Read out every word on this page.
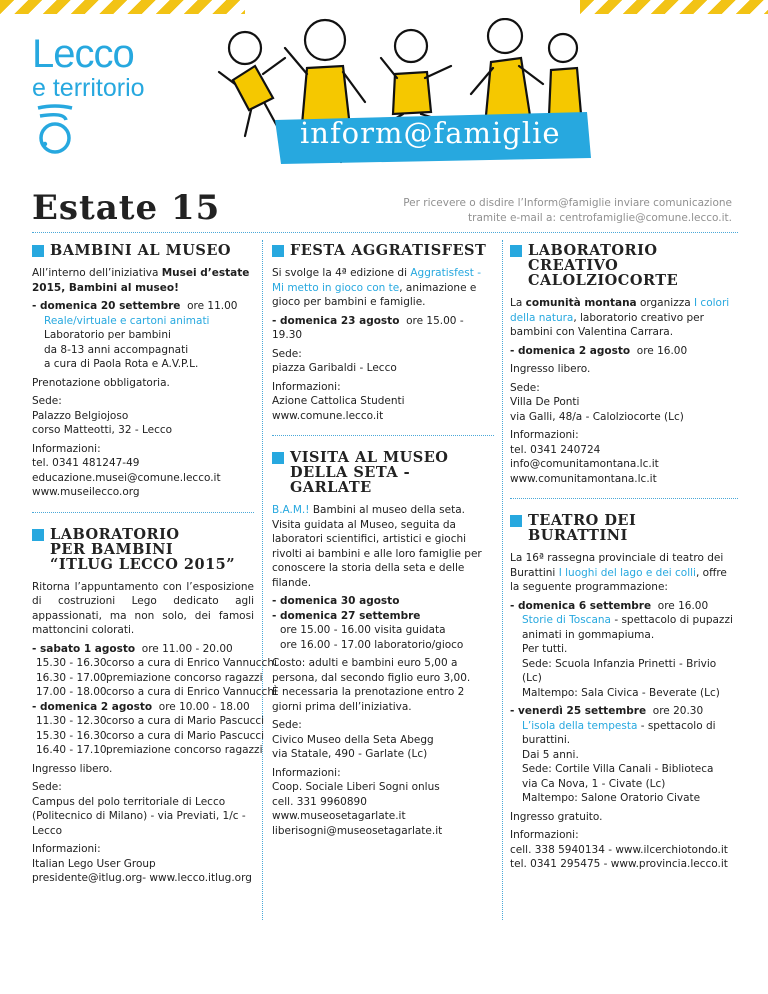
Lecco
e territorio
inform@famiglie
Estate 15	Per ricevere o disdire l’Inform@famiglie inviare comunicazione
tramite e-mail a: centrofamiglie@comune.lecco.it.
BAMBINI AL MUSEO

All’interno dell’iniziativa Musei d’estate 2015, Bambini al museo!

- domenica 20 settembre ore 11.00

Reale/virtuale e cartoni animati

Laboratorio per bambini
da 8-13 anni accompagnati
a cura di Paola Rota e A.V.P.L.

Prenotazione obbligatoria.

Sede:
Palazzo Belgiojoso
corso Matteotti, 32 - Lecco

Informazioni:
tel. 0341 481247-49
educazione.musei@comune.lecco.it
www.museilecco.org

LABORATORIO
PER BAMBINI
“ITLUG LECCO 2015”

Ritorna l’appuntamento con l’esposizione di costruzioni Lego dedicato agli appassionati, ma non solo, dei famosi mattoncini colorati.

- sabato 1 agosto ore 11.00 - 20.00

15.30 - 16.30 corso a cura di Enrico Vannucchi
16.30 - 17.00 premiazione concorso ragazzi
17.00 - 18.00 corso a cura di Enrico Vannucchi

- domenica 2 agosto ore 10.00 - 18.00

11.30 - 12.30 corso a cura di Mario Pascucci
15.30 - 16.30 corso a cura di Mario Pascucci
16.40 - 17.10 premiazione concorso ragazzi

Ingresso libero.

Sede:
Campus del polo territoriale di Lecco
(Politecnico di Milano) - via Previati, 1/c - Lecco

Informazioni:
Italian Lego User Group
presidente@itlug.org- www.lecco.itlug.org

FESTA AGGRATISFEST

Si svolge la 4ª edizione di Aggratisfest - Mi metto in gioco con te, animazione e gioco per bambini e famiglie.

- domenica 23 agosto ore 15.00 - 19.30

Sede:
piazza Garibaldi - Lecco

Informazioni:
Azione Cattolica Studenti
www.comune.lecco.it

VISITA AL MUSEO
DELLA SETA - GARLATE

B.A.M.! Bambini al museo della seta. Visita guidata al Museo, seguita da laboratori scientifici, artistici e giochi rivolti ai bambini e alle loro famiglie per conoscere la storia della seta e delle filande.

- domenica 30 agosto

- domenica 27 settembre

ore 15.00 - 16.00 visita guidata
ore 16.00 - 17.00 laboratorio/gioco

Costo: adulti e bambini euro 5,00 a persona, dal secondo figlio euro 3,00.
È necessaria la prenotazione entro 2 giorni prima dell’iniziativa.

Sede:
Civico Museo della Seta Abegg
via Statale, 490 - Garlate (Lc)

Informazioni:
Coop. Sociale Liberi Sogni onlus
cell. 331 9960890
www.museosetagarlate.it
liberisogni@museosetagarlate.it

LABORATORIO CREATIVO
CALOLZIOCORTE

La comunità montana organizza I colori della natura, laboratorio creativo per bambini con Valentina Carrara.

- domenica 2 agosto ore 16.00

Ingresso libero.

Sede:
Villa De Ponti
via Galli, 48/a - Calolziocorte (Lc)

Informazioni:
tel. 0341 240724
info@comunitamontana.lc.it
www.comunitamontana.lc.it

TEATRO DEI BURATTINI

La 16ª rassegna provinciale di teatro dei Burattini I luoghi del lago e dei colli, offre la seguente programmazione:

- domenica 6 settembre ore 16.00

Storie di Toscana - spettacolo di pupazzi

animati in gommapiuma.
Per tutti.
Sede: Scuola Infanzia Prinetti - Brivio (Lc)
Maltempo: Sala Civica - Beverate (Lc)

- venerdì 25 settembre ore 20.30

L’isola della tempesta - spettacolo di burattini.

Dai 5 anni.
Sede: Cortile Villa Canali - Biblioteca
via Ca Nova, 1 - Civate (Lc)
Maltempo: Salone Oratorio Civate

Ingresso gratuito.

Informazioni:
cell. 338 5940134 - www.ilcerchiotondo.it
tel. 0341 295475 - www.provincia.lecco.it
